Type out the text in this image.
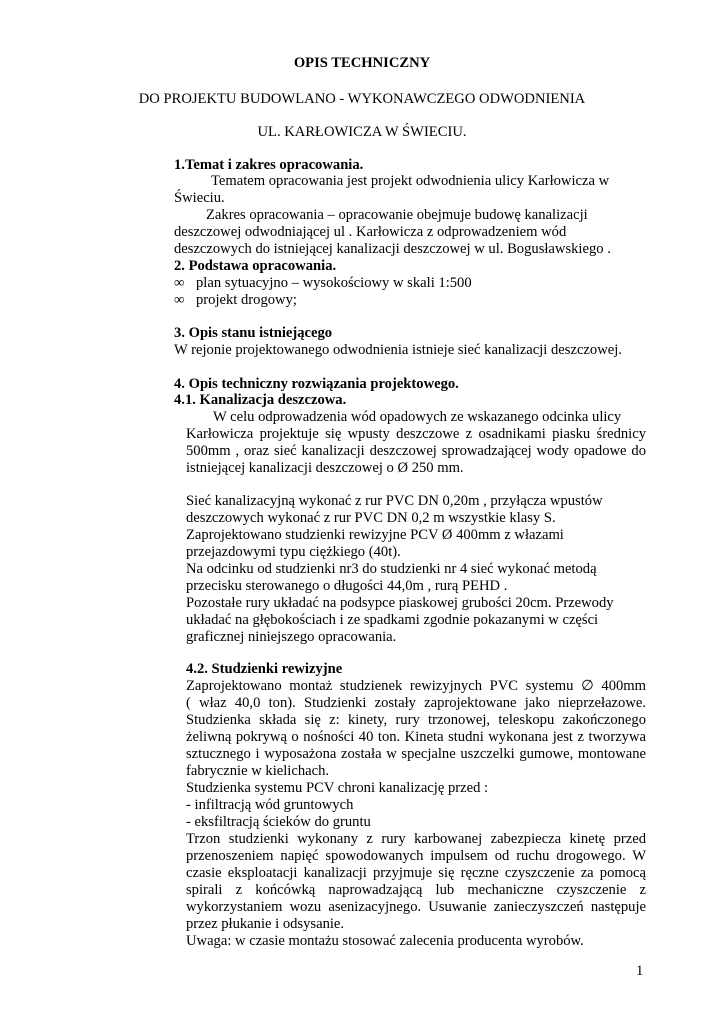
OPIS TECHNICZNY
DO PROJEKTU BUDOWLANO - WYKONAWCZEGO ODWODNIENIA
UL. KARŁOWICZA W ŚWIECIU.
1.Temat i zakres opracowania.
Tematem opracowania jest projekt odwodnienia ulicy Karłowicza w
Świeciu.
Zakres opracowania – opracowanie obejmuje budowę kanalizacji
deszczowej odwodniającej ul . Karłowicza z odprowadzeniem wód
deszczowych do istniejącej kanalizacji deszczowej w ul. Bogusławskiego .
2. Podstawa opracowania.
∞ plan sytuacyjno – wysokościowy w skali 1:500
∞ projekt drogowy;
3. Opis stanu istniejącego
W rejonie projektowanego odwodnienia istnieje sieć kanalizacji deszczowej.
4. Opis techniczny rozwiązania projektowego.
4.1. Kanalizacja deszczowa.
W celu odprowadzenia wód opadowych ze wskazanego odcinka ulicy
Karłowicza projektuje się wpusty deszczowe z osadnikami piasku średnicy
500mm , oraz sieć kanalizacji deszczowej sprowadzającej wody opadowe do
istniejącej kanalizacji deszczowej o Ø 250 mm.
Sieć kanalizacyjną wykonać z rur PVC DN 0,20m , przyłącza wpustów
deszczowych wykonać z rur PVC DN 0,2 m wszystkie klasy S.
Zaprojektowano studzienki rewizyjne PCV Ø 400mm z włazami
przejazdowymi typu ciężkiego (40t).
Na odcinku od studzienki nr3 do studzienki nr 4 sieć wykonać metodą
przecisku sterowanego o długości 44,0m , rurą PEHD .
Pozostałe rury układać na podsypce piaskowej grubości 20cm. Przewody
układać na głębokościach i ze spadkami zgodnie pokazanymi w części
graficznej niniejszego opracowania.
4.2. Studzienki rewizyjne
Zaprojektowano montaż studzienek rewizyjnych PVC systemu ∅ 400mm
( właz 40,0 ton). Studzienki zostały zaprojektowane jako nieprzełazowe.
Studzienka składa się z: kinety, rury trzonowej, teleskopu zakończonego
żeliwną pokrywą o nośności 40 ton. Kineta studni wykonana jest z tworzywa
sztucznego i wyposażona została w specjalne uszczelki gumowe, montowane
fabrycznie w kielichach.
Studzienka systemu PCV chroni kanalizację przed :
- infiltracją wód gruntowych
- eksfiltracją ścieków do gruntu
Trzon studzienki wykonany z rury karbowanej zabezpiecza kinetę przed
przenoszeniem napięć spowodowanych impulsem od ruchu drogowego. W
czasie eksploatacji kanalizacji przyjmuje się ręczne czyszczenie za pomocą
spirali z końcówką naprowadzającą lub mechaniczne czyszczenie z
wykorzystaniem wozu asenizacyjnego. Usuwanie zanieczyszczeń następuje
przez płukanie i odsysanie.
Uwaga: w czasie montażu stosować zalecenia producenta wyrobów.
1
